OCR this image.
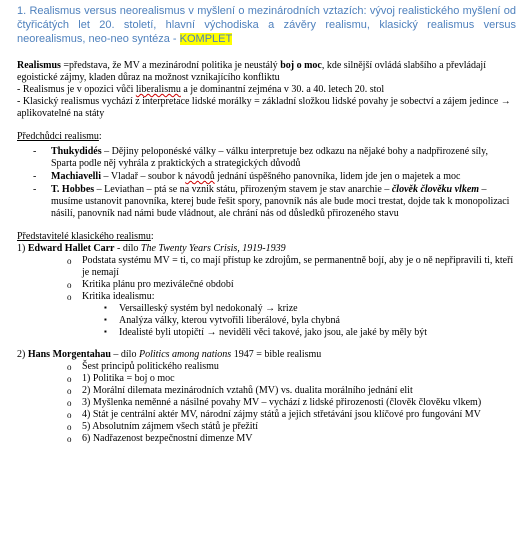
1. Realismus versus neorealismus v myšlení o mezinárodních vztazích: vývoj realistického myšlení od čtyřicátých let 20. století, hlavní východiska a závěry realismu, klasický realismus versus neorealismus, neo-neo syntéza - KOMPLET

Realismus =představa, že MV a mezinárodní politika je neustálý boj o moc, kde silnější ovládá slabšího a převládají egoistické zájmy, kladen důraz na možnost vznikajícího konfliktu

- Realismus je v opozici vůči liberalismu a je dominantní zejména v 30. a 40. letech 20. stol

- Klasický realismus vychází z interpretace lidské morálky = základní složkou lidské povahy je sobectví a zájem jedince → aplikovatelné na státy

Předchůdci realismu:

- Thukydidés – Dějiny peloponéské války – válku interpretuje bez odkazu na nějaké bohy a nadpřirozené síly, Sparta podle něj vyhrála z praktických a strategických důvodů
- Machiavelli – Vladař – soubor k návodů jednání úspěšného panovníka, lidem jde jen o majetek a moc
- T. Hobbes – Leviathan – ptá se na vznik státu, přirozeným stavem je stav anarchie – člověk člověku vlkem – musíme ustanovit panovníka, kterej bude řešit spory, panovník nás ale bude moci trestat, dojde tak k monopolizaci násilí, panovník nad námi bude vládnout, ale chrání nás od důsledků přirozeného stavu

Představitelé klasického realismu:

1) Edward Hallet Carr - dílo The Twenty Years Crisis, 1919-1939

o Podstata systému MV = ti, co mají přístup ke zdrojům, se permanentně bojí, aby je o ně nepřipravili ti, kteří je nemají
o Kritika plánu pro meziválečné období
o Kritika idealismu:
▪ Versailleský systém byl nedokonalý → krize
▪ Analýza války, kterou vytvořili liberálové, byla chybná
▪ Idealisté byli utopičtí → neviděli věci takové, jako jsou, ale jaké by měly být

2) Hans Morgentahau – dílo Politics among nations 1947 = bible realismu

o Šest principů politického realismu
o 1) Politika = boj o moc
o 2) Morální dilemata mezinárodních vztahů (MV) vs. dualita morálního jednání elit
o 3) Myšlenka neměnné a násilné povahy MV – vychází z lidské přirozenosti (člověk člověku vlkem)
o 4) Stát je centrální aktér MV, národní zájmy států a jejich střetávání jsou klíčové pro fungování MV
o 5) Absolutním zájmem všech států je přežití
o 6) Nadřazenost bezpečnostní dimenze MV
